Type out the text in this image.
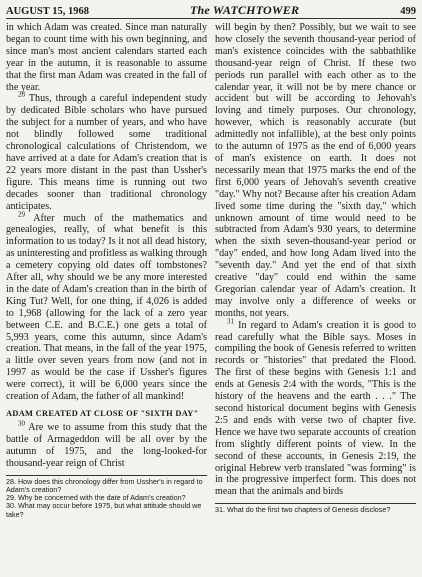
AUGUST 15, 1968	The WATCHTOWER	499

in which Adam was created. Since man naturally began to count time with his own beginning, and since man's most ancient calendars started each year in the autumn, it is reasonable to assume that the first man Adam was created in the fall of the year.

$^{28}$ Thus, through a careful independent study by dedicated Bible scholars who have pursued the subject for a number of years, and who have not blindly followed some traditional chronological calculations of Christendom, we have arrived at a date for Adam's creation that is 22 years more distant in the past than Ussher's figure. This means time is running out two decades sooner than traditional chronology anticipates.

$^{29}$ After much of the mathematics and genealogies, really, of what benefit is this information to us today? Is it not all dead history, as uninteresting and profitless as walking through a cemetery copying old dates off tombstones? After all, why should we be any more interested in the date of Adam's creation than in the birth of King Tut? Well, for one thing, if 4,026 is added to 1,968 (allowing for the lack of a zero year between C.E. and B.C.E.) one gets a total of 5,993 years, come this autumn, since Adam's creation. That means, in the fall of the year 1975, a little over seven years from now (and not in 1997 as would be the case if Ussher's figures were correct), it will be 6,000 years since the creation of Adam, the father of all mankind!

ADAM CREATED AT CLOSE OF "SIXTH DAY"

$^{30}$ Are we to assume from this study that the battle of Armageddon will be all over by the autumn of 1975, and the long-looked-for thousand-year reign of Christ

28. How does this chronology differ from Ussher's in regard to Adam's creation?
29. Why be concerned with the date of Adam's creation?
30. What may occur before 1975, but what attitude should we take?

will begin by then? Possibly, but we wait to see how closely the seventh thousand-year period of man's existence coincides with the sabbathlike thousand-year reign of Christ. If these two periods run parallel with each other as to the calendar year, it will not be by mere chance or accident but will be according to Jehovah's loving and timely purposes. Our chronology, however, which is reasonably accurate (but admittedly not infallible), at the best only points to the autumn of 1975 as the end of 6,000 years of man's existence on earth. It does not necessarily mean that 1975 marks the end of the first 6,000 years of Jehovah's seventh creative "day." Why not? Because after his creation Adam lived some time during the "sixth day," which unknown amount of time would need to be subtracted from Adam's 930 years, to determine when the sixth seven-thousand-year period or "day" ended, and how long Adam lived into the "seventh day." And yet the end of that sixth creative "day" could end within the same Gregorian calendar year of Adam's creation. It may involve only a difference of weeks or months, not years.

$^{31}$ In regard to Adam's creation it is good to read carefully what the Bible says. Moses in compiling the book of Genesis referred to written records or "histories" that predated the Flood. The first of these begins with Genesis 1:1 and ends at Genesis 2:4 with the words, "This is the history of the heavens and the earth . . ." The second historical document begins with Genesis 2:5 and ends with verse two of chapter five. Hence we have two separate accounts of creation from slightly different points of view. In the second of these accounts, in Genesis 2:19, the original Hebrew verb translated "was forming" is in the progressive imperfect form. This does not mean that the animals and birds

31. What do the first two chapters of Genesis disclose?
